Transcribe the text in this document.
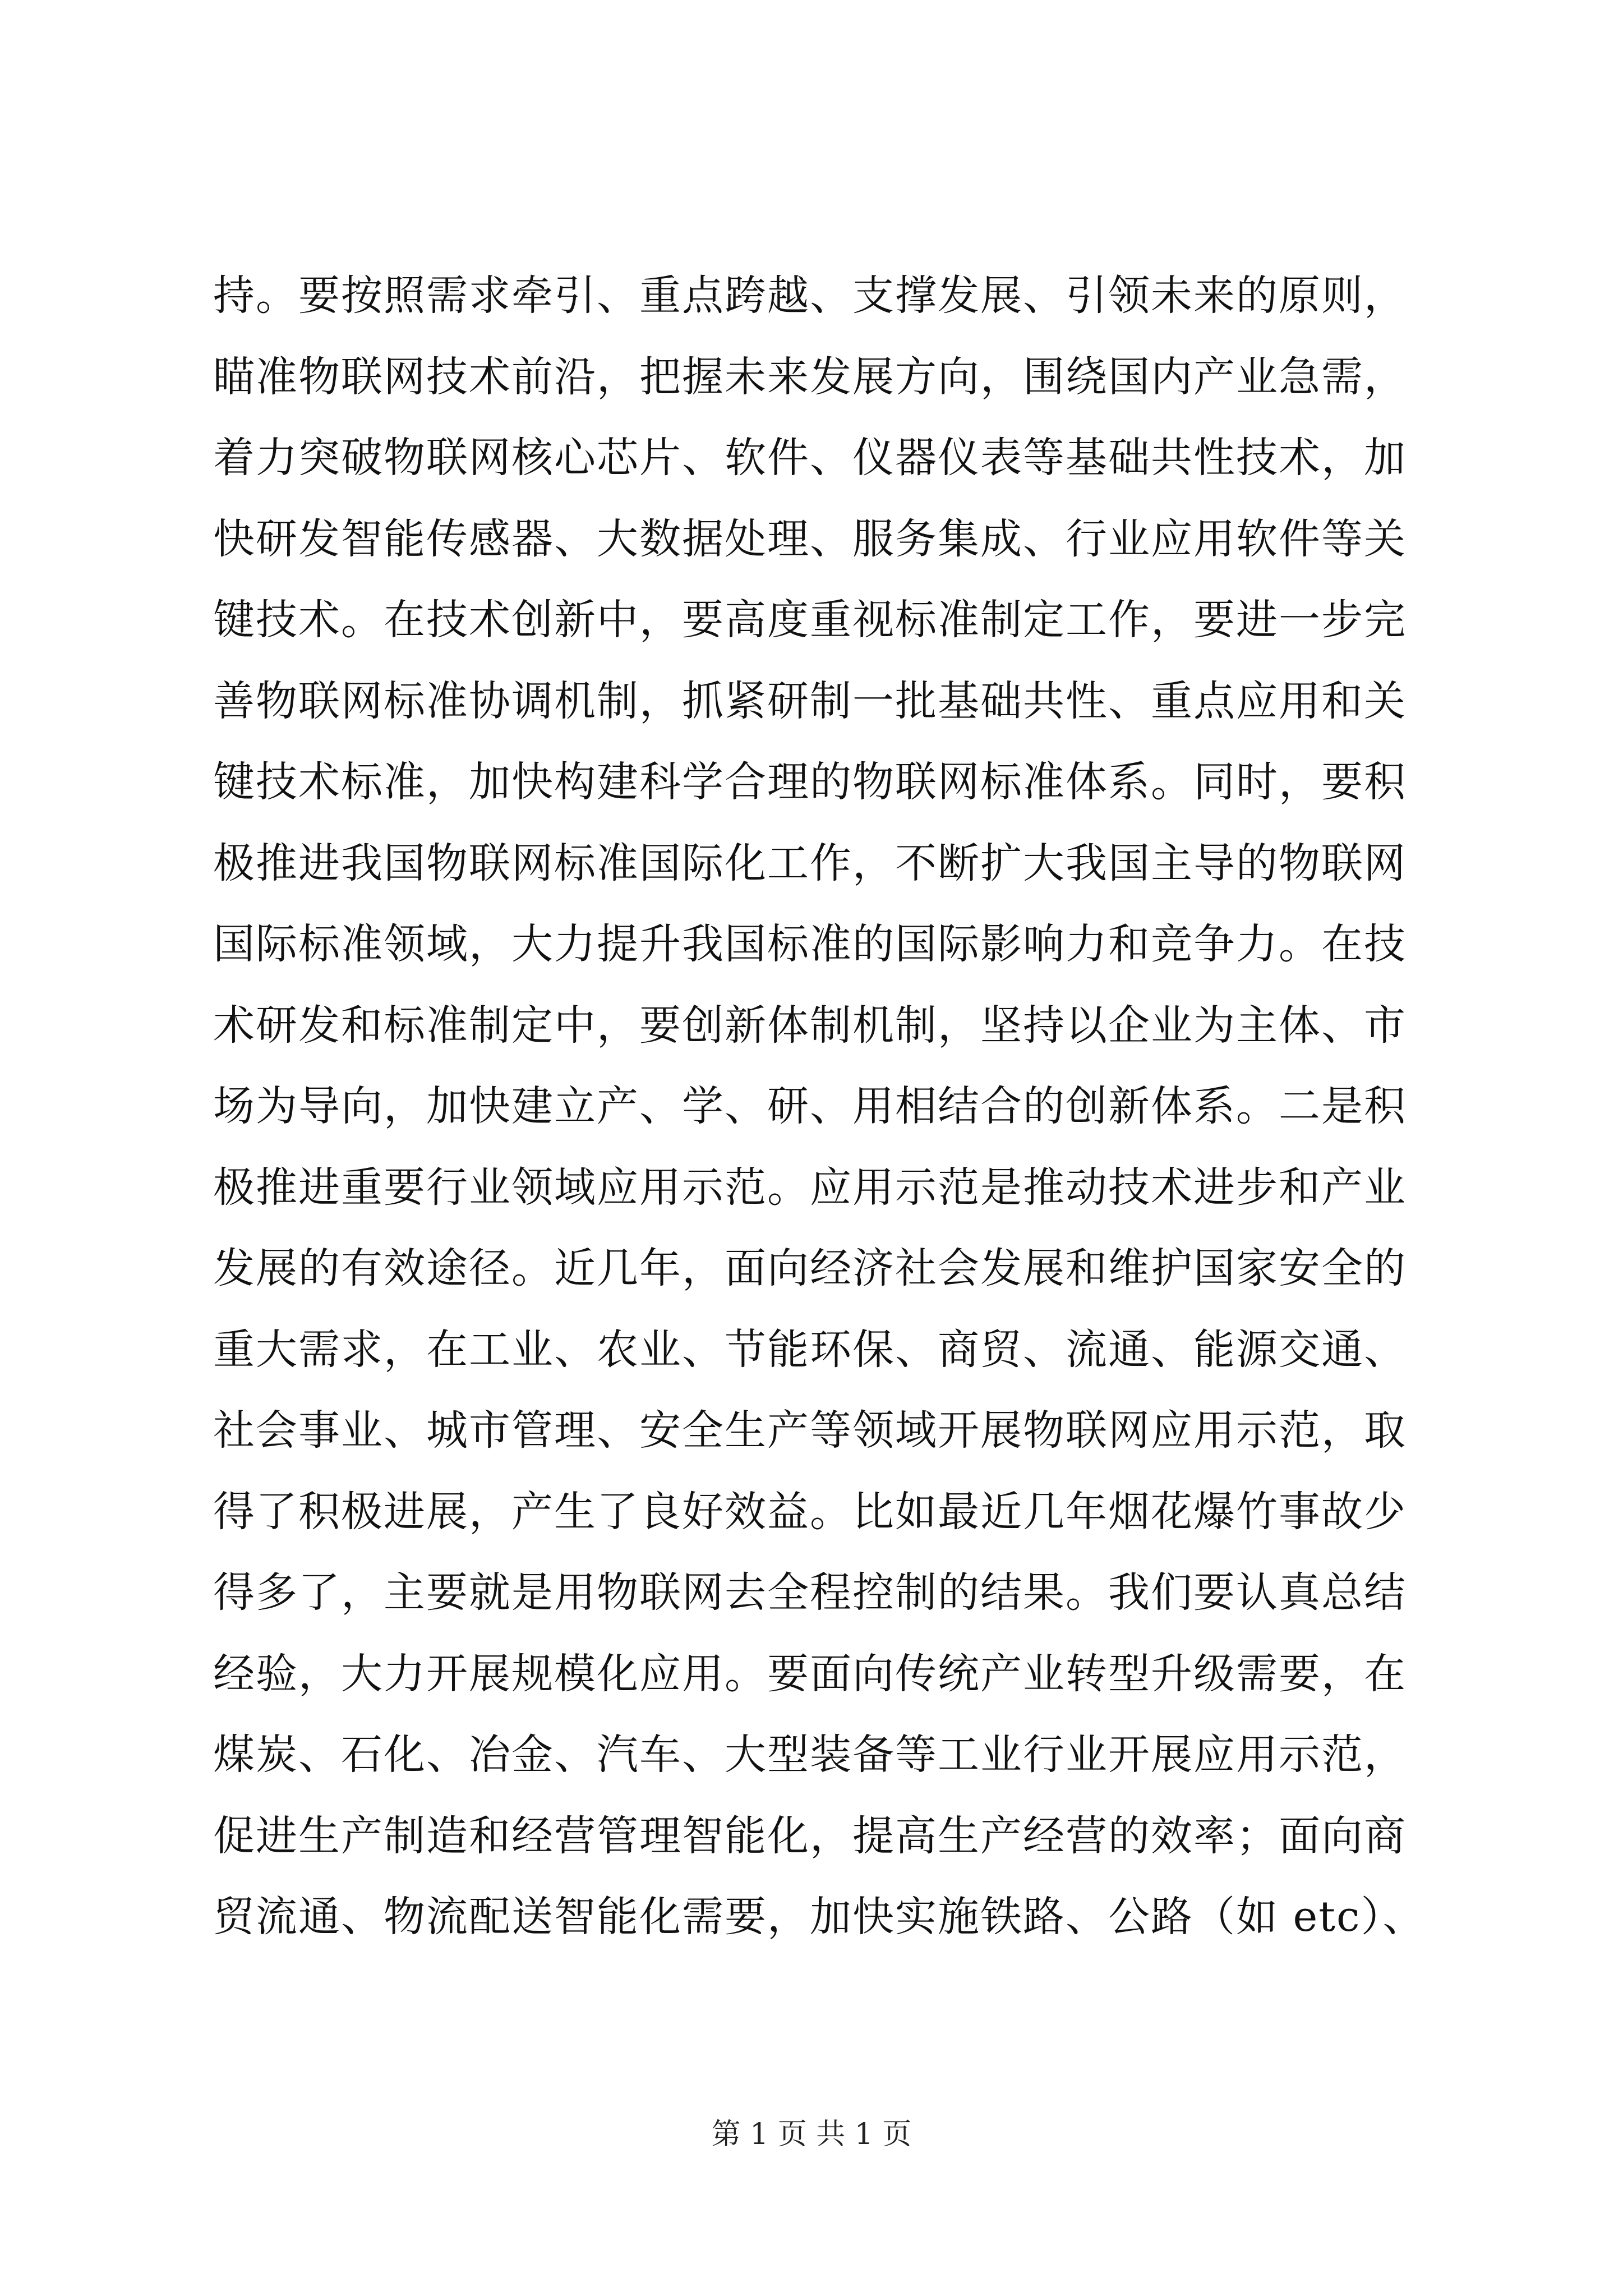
持。要按照需求牵引、重点跨越、支撑发展、引领未来的原则，
瞄准物联网技术前沿，把握未来发展方向，围绕国内产业急需，
着力突破物联网核心芯片、软件、仪器仪表等基础共性技术，加
快研发智能传感器、大数据处理、服务集成、行业应用软件等关
键技术。在技术创新中，要高度重视标准制定工作，要进一步完
善物联网标准协调机制，抓紧研制一批基础共性、重点应用和关
键技术标准，加快构建科学合理的物联网标准体系。同时，要积
极推进我国物联网标准国际化工作，不断扩大我国主导的物联网
国际标准领域，大力提升我国标准的国际影响力和竞争力。在技
术研发和标准制定中，要创新体制机制，坚持以企业为主体、市
场为导向，加快建立产、学、研、用相结合的创新体系。二是积
极推进重要行业领域应用示范。应用示范是推动技术进步和产业
发展的有效途径。近几年，面向经济社会发展和维护国家安全的
重大需求，在工业、农业、节能环保、商贸、流通、能源交通、
社会事业、城市管理、安全生产等领域开展物联网应用示范，取
得了积极进展，产生了良好效益。比如最近几年烟花爆竹事故少
得多了，主要就是用物联网去全程控制的结果。我们要认真总结
经验，大力开展规模化应用。要面向传统产业转型升级需要，在
煤炭、石化、冶金、汽车、大型装备等工业行业开展应用示范，
促进生产制造和经营管理智能化，提高生产经营的效率；面向商
贸流通、物流配送智能化需要，加快实施铁路、公路（如 etc）、
第 1 页 共 1 页
